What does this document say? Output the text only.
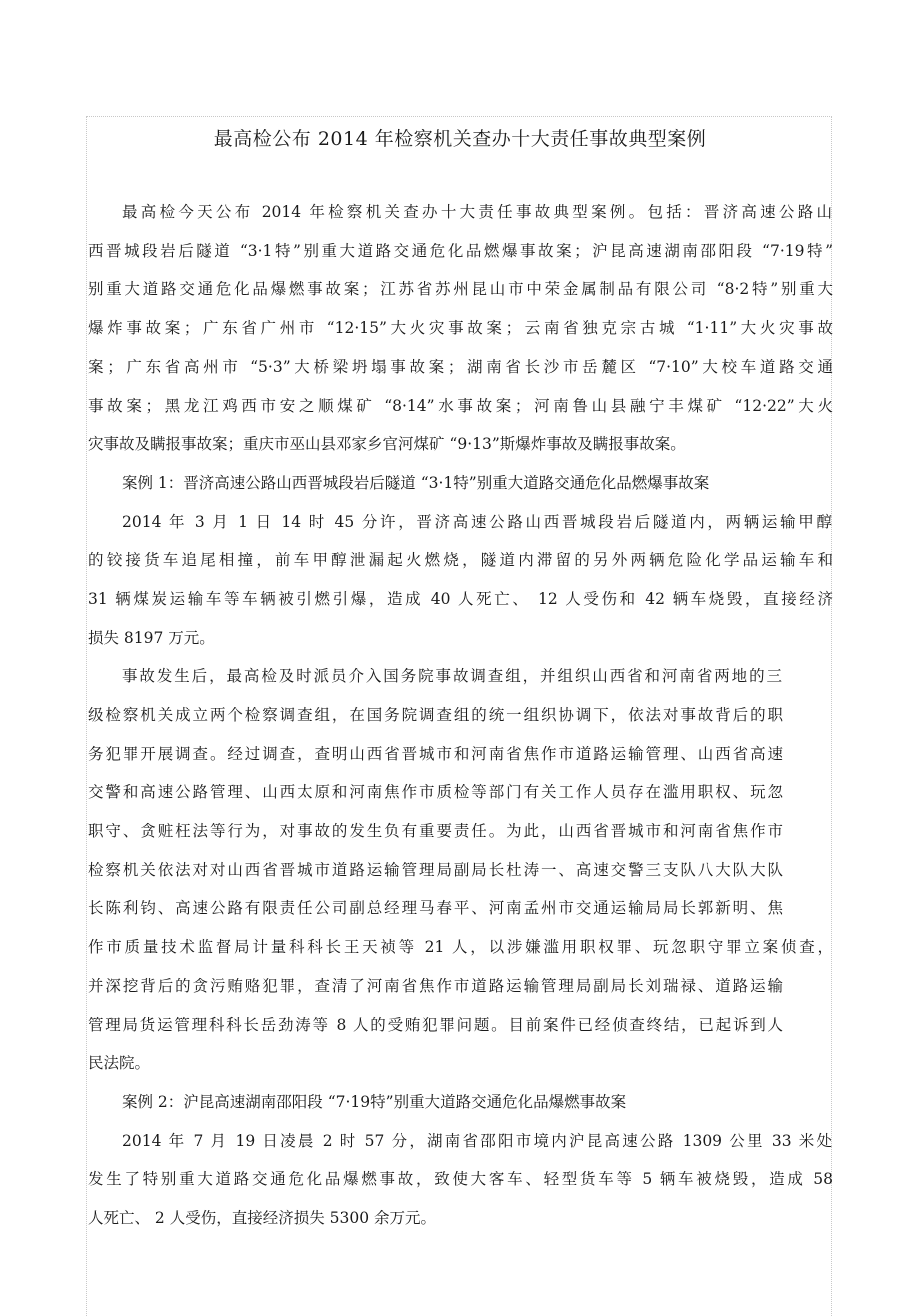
最高检公布 2014 年检察机关查办十大责任事故典型案例
最高检今天公布 2014 年检察机关查办十大责任事故典型案例。包括：晋济高速公路山
西晋城段岩后隧道 “3·1特”别重大道路交通危化品燃爆事故案；沪昆高速湖南邵阳段 “7·19特”
别重大道路交通危化品爆燃事故案；江苏省苏州昆山市中荣金属制品有限公司 “8·2特”别重大
爆炸事故案；广东省广州市 “12·15”大火灾事故案；云南省独克宗古城 “1·11”大火灾事故
案；广东省高州市 “5·3”大桥梁坍塌事故案；湖南省长沙市岳麓区 “7·10”大校车道路交通
事故案；黑龙江鸡西市安之顺煤矿 “8·14”水事故案；河南鲁山县融宁丰煤矿 “12·22”大火
灾事故及瞒报事故案；重庆市巫山县邓家乡官河煤矿 “9·13”斯爆炸事故及瞒报事故案。
案例 1：晋济高速公路山西晋城段岩后隧道 “3·1特”别重大道路交通危化品燃爆事故案
2014 年 3 月 1 日 14 时 45 分许，晋济高速公路山西晋城段岩后隧道内，两辆运输甲醇
的铰接货车追尾相撞，前车甲醇泄漏起火燃烧，隧道内滞留的另外两辆危险化学品运输车和
31 辆煤炭运输车等车辆被引燃引爆，造成 40 人死亡、 12 人受伤和 42 辆车烧毁，直接经济
损失 8197 万元。
事故发生后，最高检及时派员介入国务院事故调查组，并组织山西省和河南省两地的三
级检察机关成立两个检察调查组，在国务院调查组的统一组织协调下，依法对事故背后的职
务犯罪开展调查。经过调查，查明山西省晋城市和河南省焦作市道路运输管理、山西省高速
交警和高速公路管理、山西太原和河南焦作市质检等部门有关工作人员存在滥用职权、玩忽
职守、贪赃枉法等行为，对事故的发生负有重要责任。为此，山西省晋城市和河南省焦作市
检察机关依法对对山西省晋城市道路运输管理局副局长杜涛一、高速交警三支队八大队大队
长陈利钧、高速公路有限责任公司副总经理马春平、河南孟州市交通运输局局长郭新明、焦
作市质量技术监督局计量科科长王天祯等 21 人，以涉嫌滥用职权罪、玩忽职守罪立案侦查，
并深挖背后的贪污贿赂犯罪，查清了河南省焦作市道路运输管理局副局长刘瑞禄、道路运输
管理局货运管理科科长岳劲涛等 8 人的受贿犯罪问题。目前案件已经侦查终结，已起诉到人
民法院。
案例 2：沪昆高速湖南邵阳段 “7·19特”别重大道路交通危化品爆燃事故案
2014 年 7 月 19 日凌晨 2 时 57 分，湖南省邵阳市境内沪昆高速公路 1309 公里 33 米处
发生了特别重大道路交通危化品爆燃事故，致使大客车、轻型货车等 5 辆车被烧毁，造成 58
人死亡、 2 人受伤，直接经济损失 5300 余万元。
